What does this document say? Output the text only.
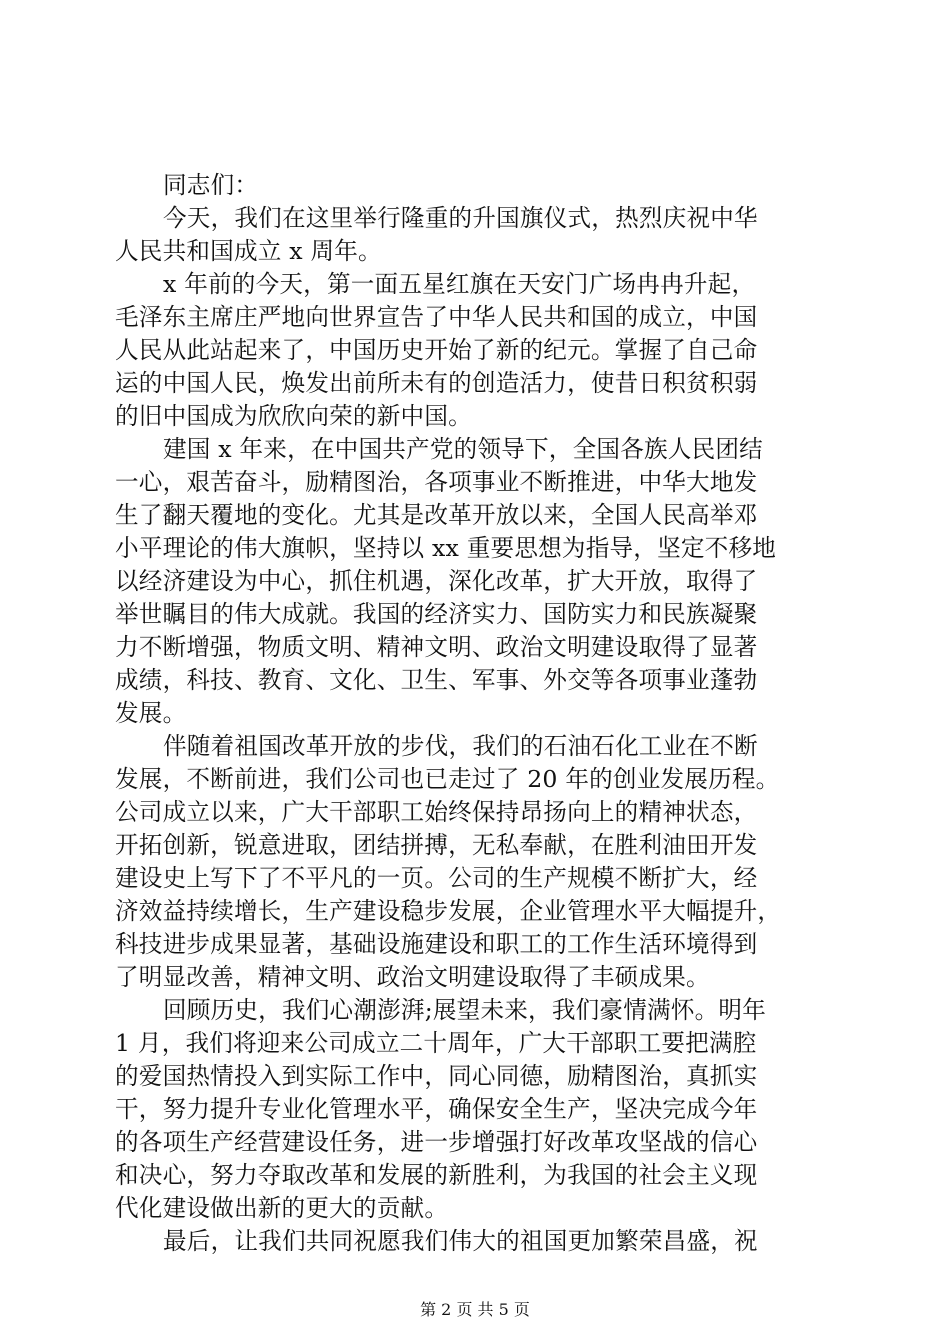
同志们：
今天，我们在这里举行隆重的升国旗仪式，热烈庆祝中华
人民共和国成立 x 周年。
x 年前的今天，第一面五星红旗在天安门广场冉冉升起，
毛泽东主席庄严地向世界宣告了中华人民共和国的成立，中国
人民从此站起来了，中国历史开始了新的纪元。掌握了自己命
运的中国人民，焕发出前所未有的创造活力，使昔日积贫积弱
的旧中国成为欣欣向荣的新中国。
建国 x 年来，在中国共产党的领导下，全国各族人民团结
一心，艰苦奋斗，励精图治，各项事业不断推进，中华大地发
生了翻天覆地的变化。尤其是改革开放以来，全国人民高举邓
小平理论的伟大旗帜，坚持以 xx 重要思想为指导，坚定不移地
以经济建设为中心，抓住机遇，深化改革，扩大开放，取得了
举世瞩目的伟大成就。我国的经济实力、国防实力和民族凝聚
力不断增强，物质文明、精神文明、政治文明建设取得了显著
成绩，科技、教育、文化、卫生、军事、外交等各项事业蓬勃
发展。
伴随着祖国改革开放的步伐，我们的石油石化工业在不断
发展，不断前进，我们公司也已走过了 20 年的创业发展历程。
公司成立以来，广大干部职工始终保持昂扬向上的精神状态，
开拓创新，锐意进取，团结拼搏，无私奉献，在胜利油田开发
建设史上写下了不平凡的一页。公司的生产规模不断扩大，经
济效益持续增长，生产建设稳步发展，企业管理水平大幅提升，
科技进步成果显著，基础设施建设和职工的工作生活环境得到
了明显改善，精神文明、政治文明建设取得了丰硕成果。
回顾历史，我们心潮澎湃;展望未来，我们豪情满怀。明年
1 月，我们将迎来公司成立二十周年，广大干部职工要把满腔
的爱国热情投入到实际工作中，同心同德，励精图治，真抓实
干，努力提升专业化管理水平，确保安全生产，坚决完成今年
的各项生产经营建设任务，进一步增强打好改革攻坚战的信心
和决心，努力夺取改革和发展的新胜利，为我国的社会主义现
代化建设做出新的更大的贡献。
最后，让我们共同祝愿我们伟大的祖国更加繁荣昌盛，祝
第 2 页 共 5 页
